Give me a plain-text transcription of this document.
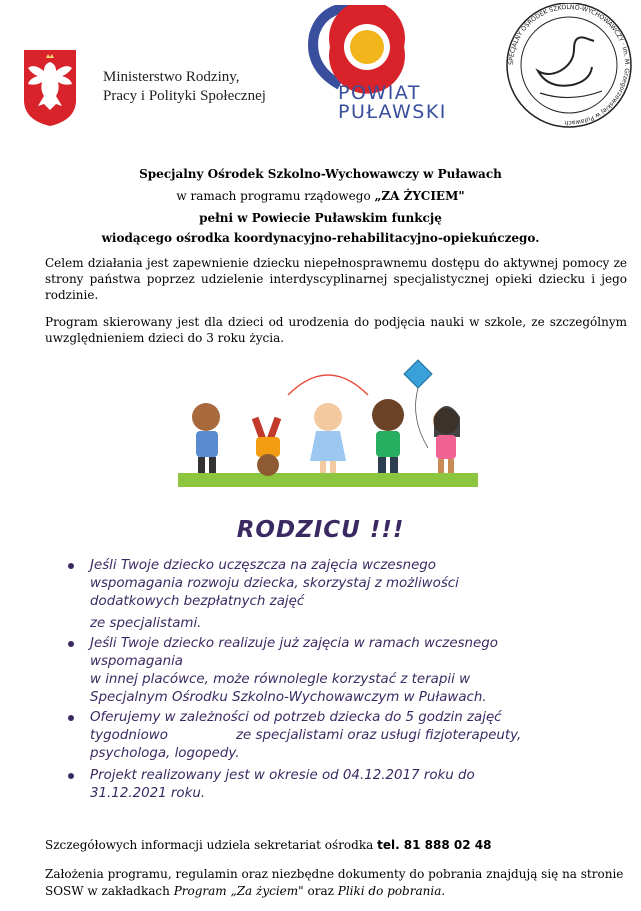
Ministerstwo Rodziny,
Pracy i Polityki Społecznej	POWIAT
PUŁAWSKI
SPECJALNY OŚRODEK SZKOLNO-WYCHOWAWCZY · im. M. Grzegorzewskiej w Puławach
Specjalny Ośrodek Szkolno-Wychowawczy w Puławach
w ramach programu rządowego „ZA ŻYCIEM"
pełni w Powiecie Puławskim funkcję
wiodącego ośrodka koordynacyjno-rehabilitacyjno-opiekuńczego.
Celem działania jest zapewnienie dziecku niepełnosprawnemu dostępu do aktywnej pomocy ze strony państwa poprzez udzielenie interdyscyplinarnej specjalistycznej opieki dziecku i jego rodzinie.
Program skierowany jest dla dzieci od urodzenia do podjęcia nauki w szkole, ze szczególnym uwzględnieniem dzieci do 3 roku życia.
RODZICU !!!
Jeśli Twoje dziecko uczęszcza na zajęcia wczesnego
wspomagania rozwoju dziecka, skorzystaj z możliwości
dodatkowych bezpłatnych zajęć
ze specjalistami.
Jeśli Twoje dziecko realizuje już zajęcia w ramach wczesnego
wspomagania
w innej placówce, może równolegle korzystać z terapii w
Specjalnym Ośrodku Szkolno-Wychowawczym w Puławach.
Oferujemy w zależności od potrzeb dziecka do 5 godzin zajęć
tygodniowo                ze specjalistami oraz usługi fizjoterapeuty,
psychologa, logopedy.
Projekt realizowany jest w okresie od 04.12.2017 roku do
31.12.2021 roku.
Szczegółowych informacji udziela sekretariat ośrodka tel. 81 888 02 48
Założenia programu, regulamin oraz niezbędne dokumenty do pobrania znajdują się na stronie SOSW w zakładkach Program „Za życiem" oraz Pliki do pobrania.
